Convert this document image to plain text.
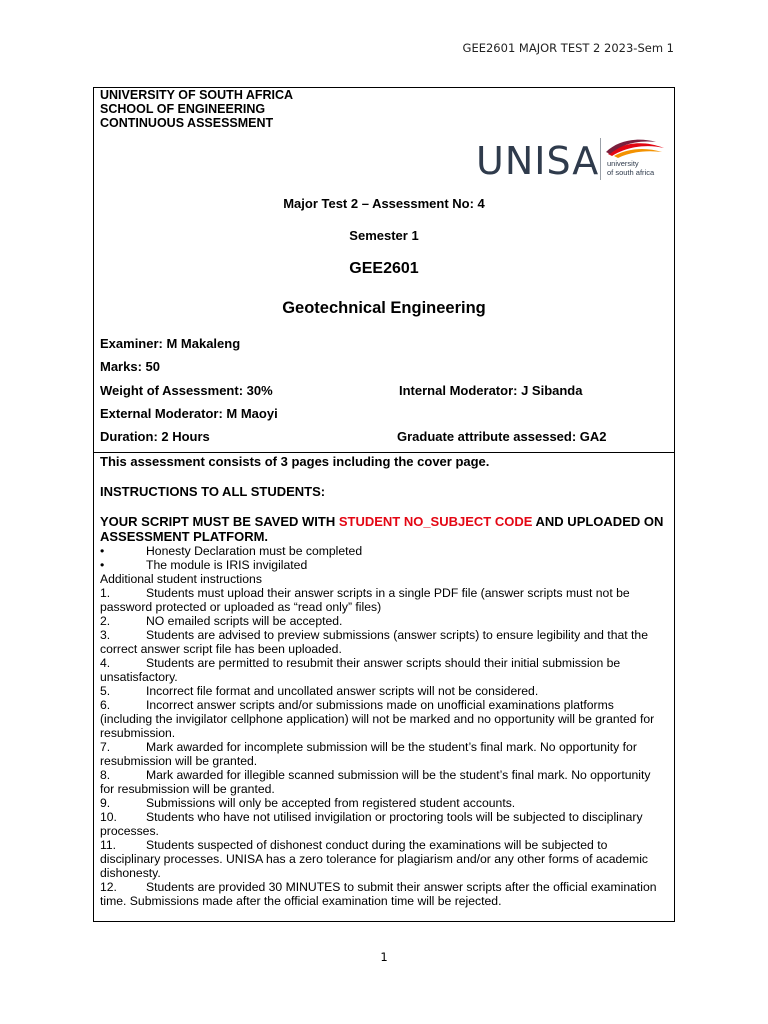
GEE2601 MAJOR TEST 2 2023-Sem 1
UNIVERSITY OF SOUTH AFRICA
SCHOOL OF ENGINEERING
CONTINUOUS ASSESSMENT
UNISA university
of south africa
Major Test 2 – Assessment No: 4
Semester 1
GEE2601
Geotechnical Engineering
Examiner: M Makaleng
Marks: 50
Weight of Assessment: 30%	Internal Moderator: J Sibanda
External Moderator: M Maoyi
Duration: 2 Hours	Graduate attribute assessed: GA2
This assessment consists of 3 pages including the cover page.
INSTRUCTIONS TO ALL STUDENTS:
YOUR SCRIPT MUST BE SAVED WITH STUDENT NO_SUBJECT CODE AND UPLOADED ON ASSESSMENT PLATFORM.
•	Honesty Declaration must be completed
•	The module is IRIS invigilated
Additional student instructions
1.	Students must upload their answer scripts in a single PDF file (answer scripts must not be password protected or uploaded as “read only” files)
2.	NO emailed scripts will be accepted.
3.	Students are advised to preview submissions (answer scripts) to ensure legibility and that the correct answer script file has been uploaded.
4.	Students are permitted to resubmit their answer scripts should their initial submission be unsatisfactory.
5.	Incorrect file format and uncollated answer scripts will not be considered.
6.	Incorrect answer scripts and/or submissions made on unofficial examinations platforms (including the invigilator cellphone application) will not be marked and no opportunity will be granted for resubmission.
7.	Mark awarded for incomplete submission will be the student’s final mark. No opportunity for resubmission will be granted.
8.	Mark awarded for illegible scanned submission will be the student’s final mark. No opportunity for resubmission will be granted.
9.	Submissions will only be accepted from registered student accounts.
10.	Students who have not utilised invigilation or proctoring tools will be subjected to disciplinary processes.
11.	Students suspected of dishonest conduct during the examinations will be subjected to disciplinary processes. UNISA has a zero tolerance for plagiarism and/or any other forms of academic dishonesty.
12.	Students are provided 30 MINUTES to submit their answer scripts after the official examination time. Submissions made after the official examination time will be rejected.
1
